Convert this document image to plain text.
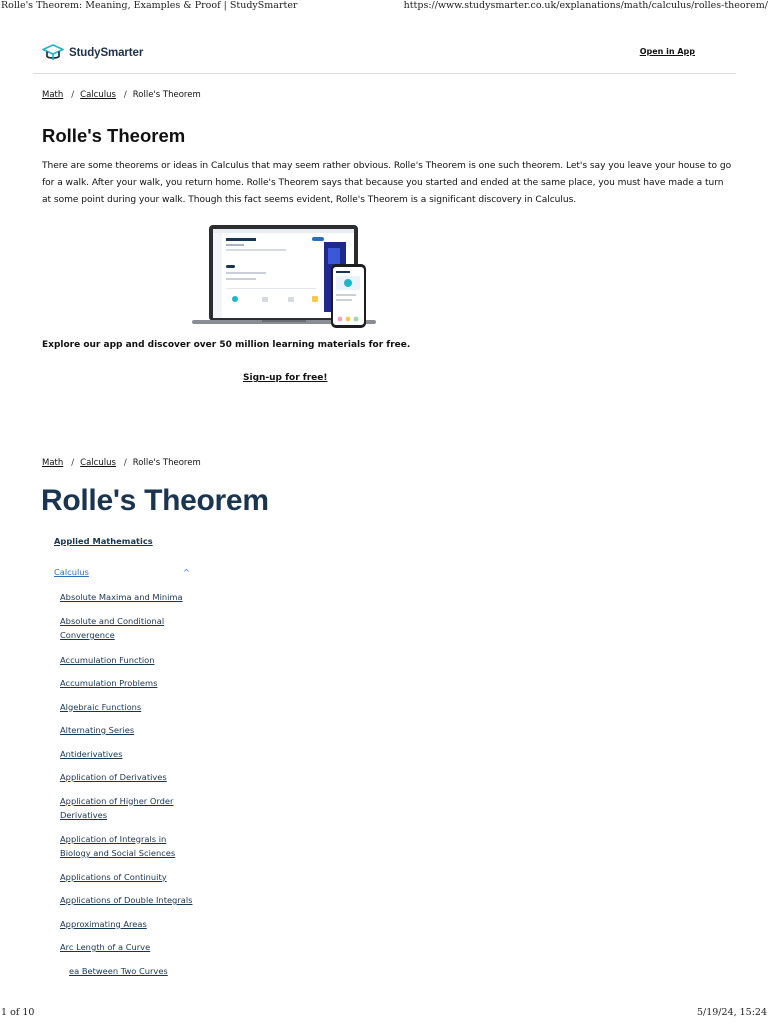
Rolle's Theorem: Meaning, Examples & Proof | StudySmarter	https://www.studysmarter.co.uk/explanations/math/calculus/rolles-theorem/
StudySmarter	Open in App
Math / Calculus / Rolle's Theorem
Rolle's Theorem

There are some theorems or ideas in Calculus that may seem rather obvious. Rolle's Theorem is one such theorem. Let's say you leave your house to go for a walk. After your walk, you return home. Rolle's Theorem says that because you started and ended at the same place, you must have made a turn at some point during your walk. Though this fact seems evident, Rolle's Theorem is a significant discovery in Calculus.

Explore our app and discover over 50 million learning materials for free.

Sign-up for free!
Math / Calculus / Rolle's Theorem
Rolle's Theorem
Applied Mathematics
Calculus	^
Absolute Maxima and Minima
Absolute and Conditional Convergence
Accumulation Function
Accumulation Problems
Algebraic Functions
Alternating Series
Antiderivatives
Application of Derivatives
Application of Higher Order Derivatives
Application of Integrals in Biology and Social Sciences
Applications of Continuity
Applications of Double Integrals
Approximating Areas
Arc Length of a Curve
ea Between Two Curves
1 of 10	5/19/24, 15:24
